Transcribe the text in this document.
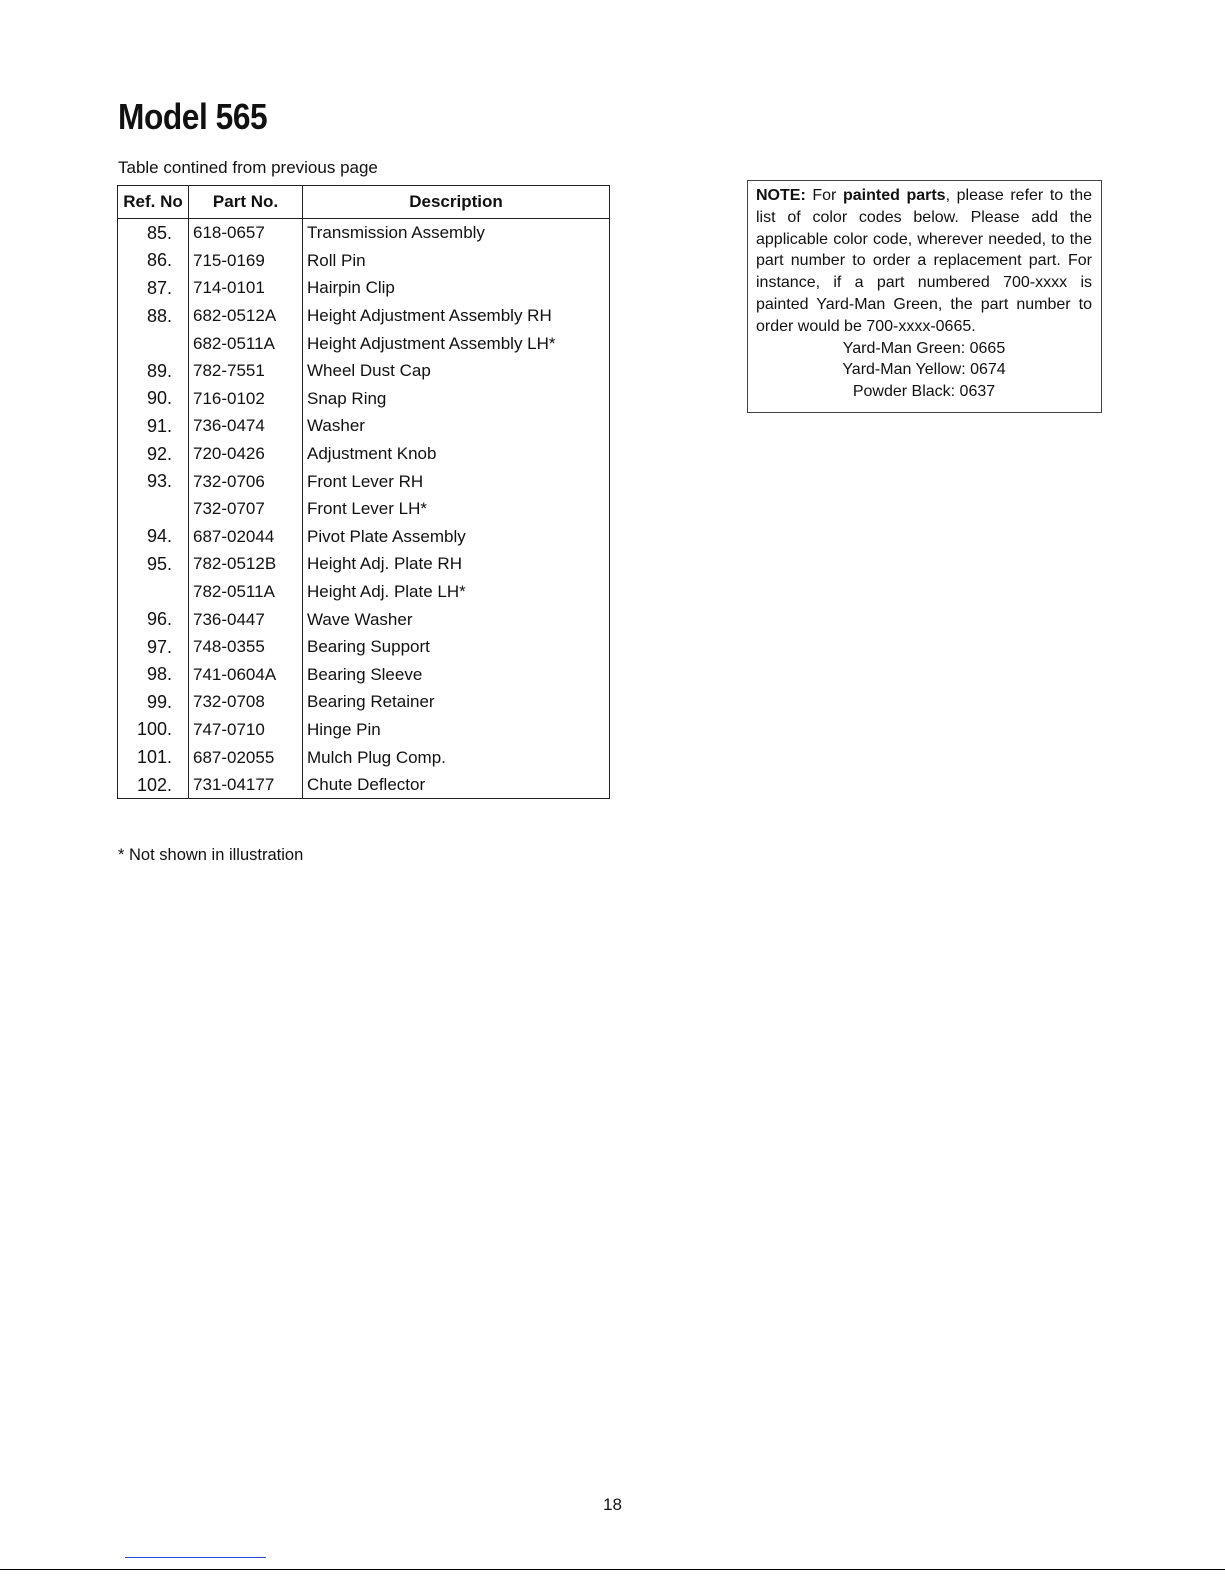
Model 565
Table contined from previous page
Ref. No	Part No.	Description
85.	618-0657	Transmission Assembly
86.	715-0169	Roll Pin
87.	714-0101	Hairpin Clip
88.	682-0512A	Height Adjustment Assembly RH
	682-0511A	Height Adjustment Assembly LH*
89.	782-7551	Wheel Dust Cap
90.	716-0102	Snap Ring
91.	736-0474	Washer
92.	720-0426	Adjustment Knob
93.	732-0706	Front Lever RH
	732-0707	Front Lever LH*
94.	687-02044	Pivot Plate Assembly
95.	782-0512B	Height Adj. Plate RH
	782-0511A	Height Adj. Plate LH*
96.	736-0447	Wave Washer
97.	748-0355	Bearing Support
98.	741-0604A	Bearing Sleeve
99.	732-0708	Bearing Retainer
100.	747-0710	Hinge Pin
101.	687-02055	Mulch Plug Comp.
102.	731-04177	Chute Deflector
NOTE: For painted parts, please refer to the list of color codes below. Please add the applicable color code, wherever needed, to the part number to order a replacement part. For instance, if a part numbered 700-xxxx is painted Yard-Man Green, the part number to order would be 700-xxxx-0665.
Yard-Man Green: 0665
Yard-Man Yellow: 0674
Powder Black: 0637
* Not shown in illustration
18
